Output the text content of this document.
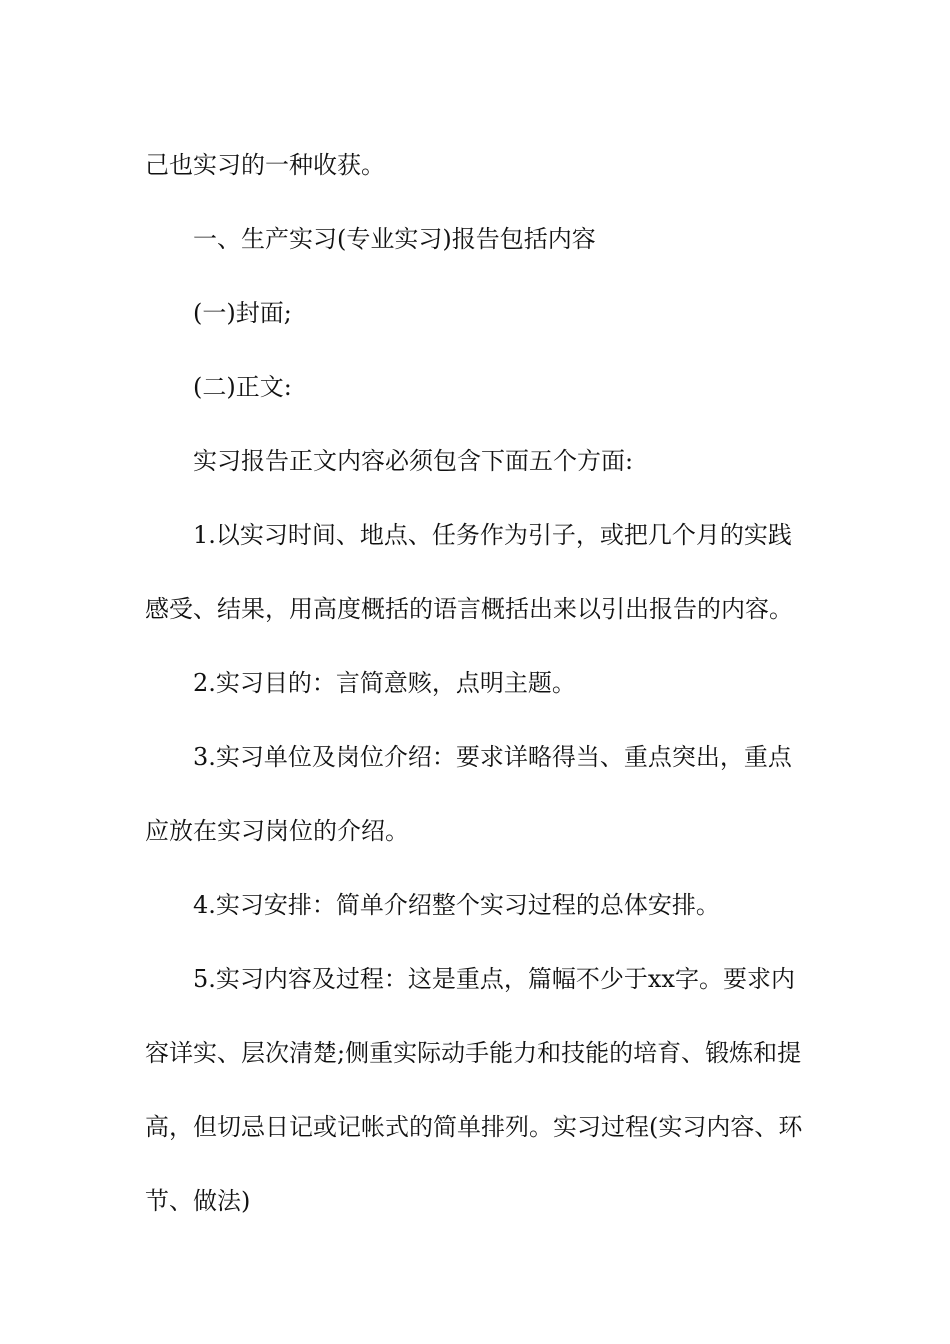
己也实习的一种收获。

一、生产实习(专业实习)报告包括内容

(一)封面;

(二)正文:

实习报告正文内容必须包含下面五个方面:

1.以实习时间、地点、任务作为引子，或把几个月的实践感受、结果，用高度概括的语言概括出来以引出报告的内容。

2.实习目的：言简意赅，点明主题。

3.实习单位及岗位介绍：要求详略得当、重点突出，重点应放在实习岗位的介绍。

4.实习安排：简单介绍整个实习过程的总体安排。

5.实习内容及过程：这是重点，篇幅不少于xx字。要求内容详实、层次清楚;侧重实际动手能力和技能的培育、锻炼和提高，但切忌日记或记帐式的简单排列。实习过程(实习内容、环节、做法)
